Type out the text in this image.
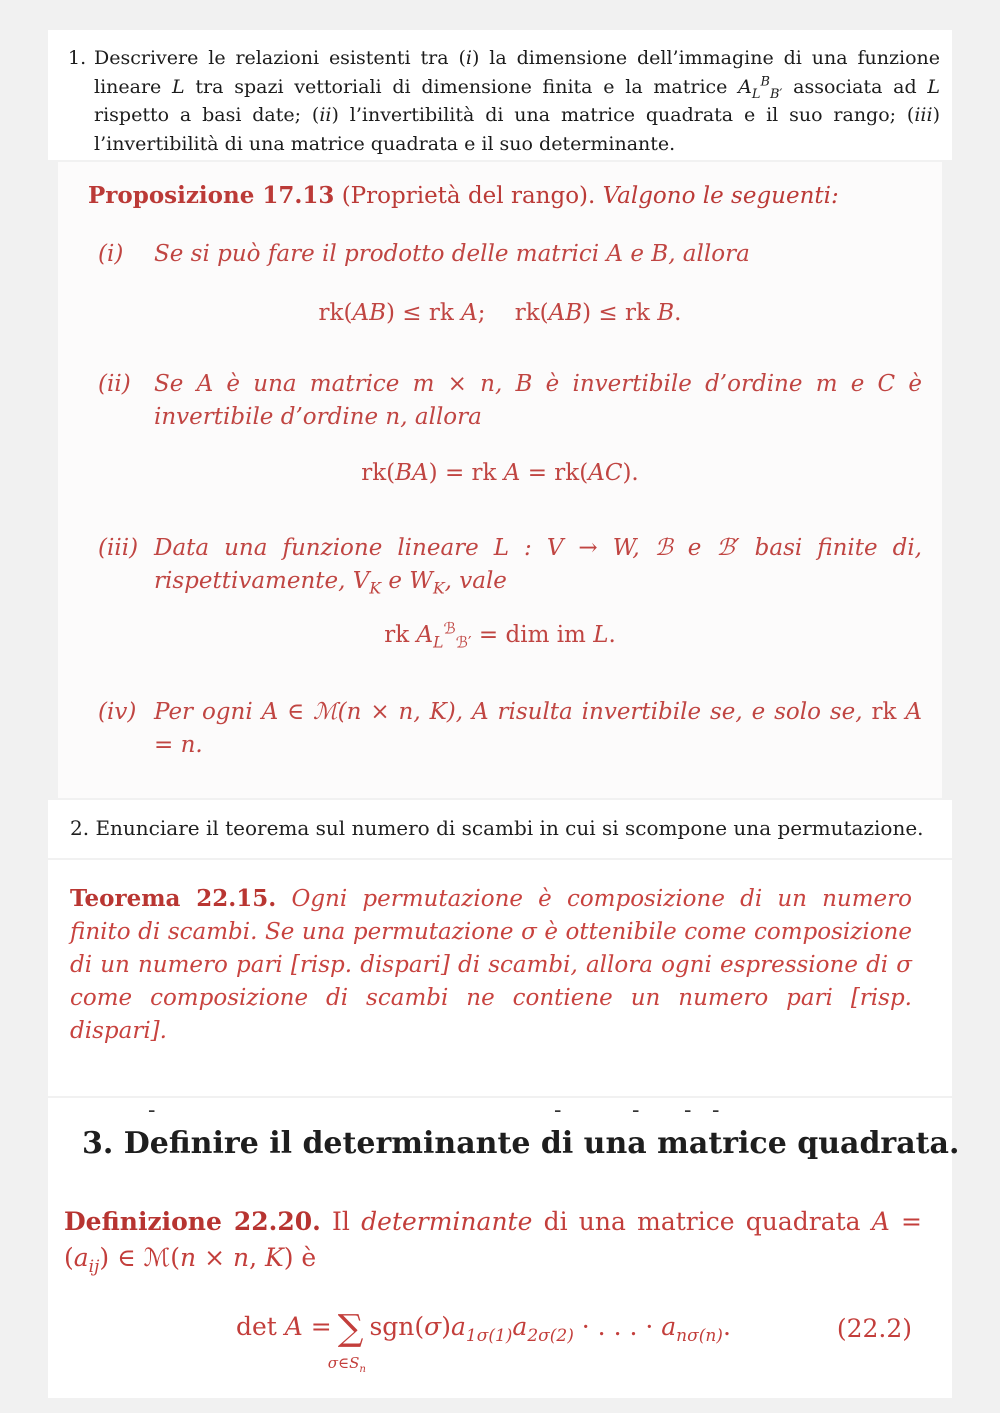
1. Descrivere le relazioni esistenti tra (i) la dimensione dell’immagine di una funzione lineare L tra spazi vettoriali di dimensione finita e la matrice $A_L^B_{B'}$ associata ad L rispetto a basi date; (ii) l’invertibilità di una matrice quadrata e il suo rango; (iii) l’invertibilità di una matrice quadrata e il suo determinante.

Proposizione 17.13 (Proprietà del rango). Valgono le seguenti:
(i)	Se si può fare il prodotto delle matrici A e B, allora
rk(AB) ≤ rk A;    rk(AB) ≤ rk B.
(ii)	Se A è una matrice m × n, B è invertibile d’ordine m e C è invertibile d’ordine n, allora
rk(BA) = rk A = rk(AC).
(iii) Data una funzione lineare L : V → W, ℬ e ℬ′ basi finite di, rispettivamente, $V_K$ e $W_K$, vale
rk $A_L^ℬ_{ℬ'}$ = dim im L.
(iv) Per ogni A ∈ ℳ(n × n, K), A risulta invertibile se, e solo se, rk A = n.
2. Enunciare il teorema sul numero di scambi in cui si scompone una permutazione.
Teorema 22.15. Ogni permutazione è composizione di un numero finito di scambi. Se una permutazione σ è ottenibile come composizione di un numero pari [risp. dispari] di scambi, allora ogni espressione di σ come composizione di scambi ne contiene un numero pari [risp. dispari].
-	-	- - -
3. Definire il determinante di una matrice quadrata.
Definizione 22.20. Il determinante di una matrice quadrata $A = (a_{ij})$ ∈ ℳ(n × n, K) è
det A = ∑
$\sigma\in S_n$
$sgn(\sigma)a_{1\sigma(1)}a_{2\sigma(2)}$ · . . . · $a_{n\sigma(n)}$.	(22.2)
